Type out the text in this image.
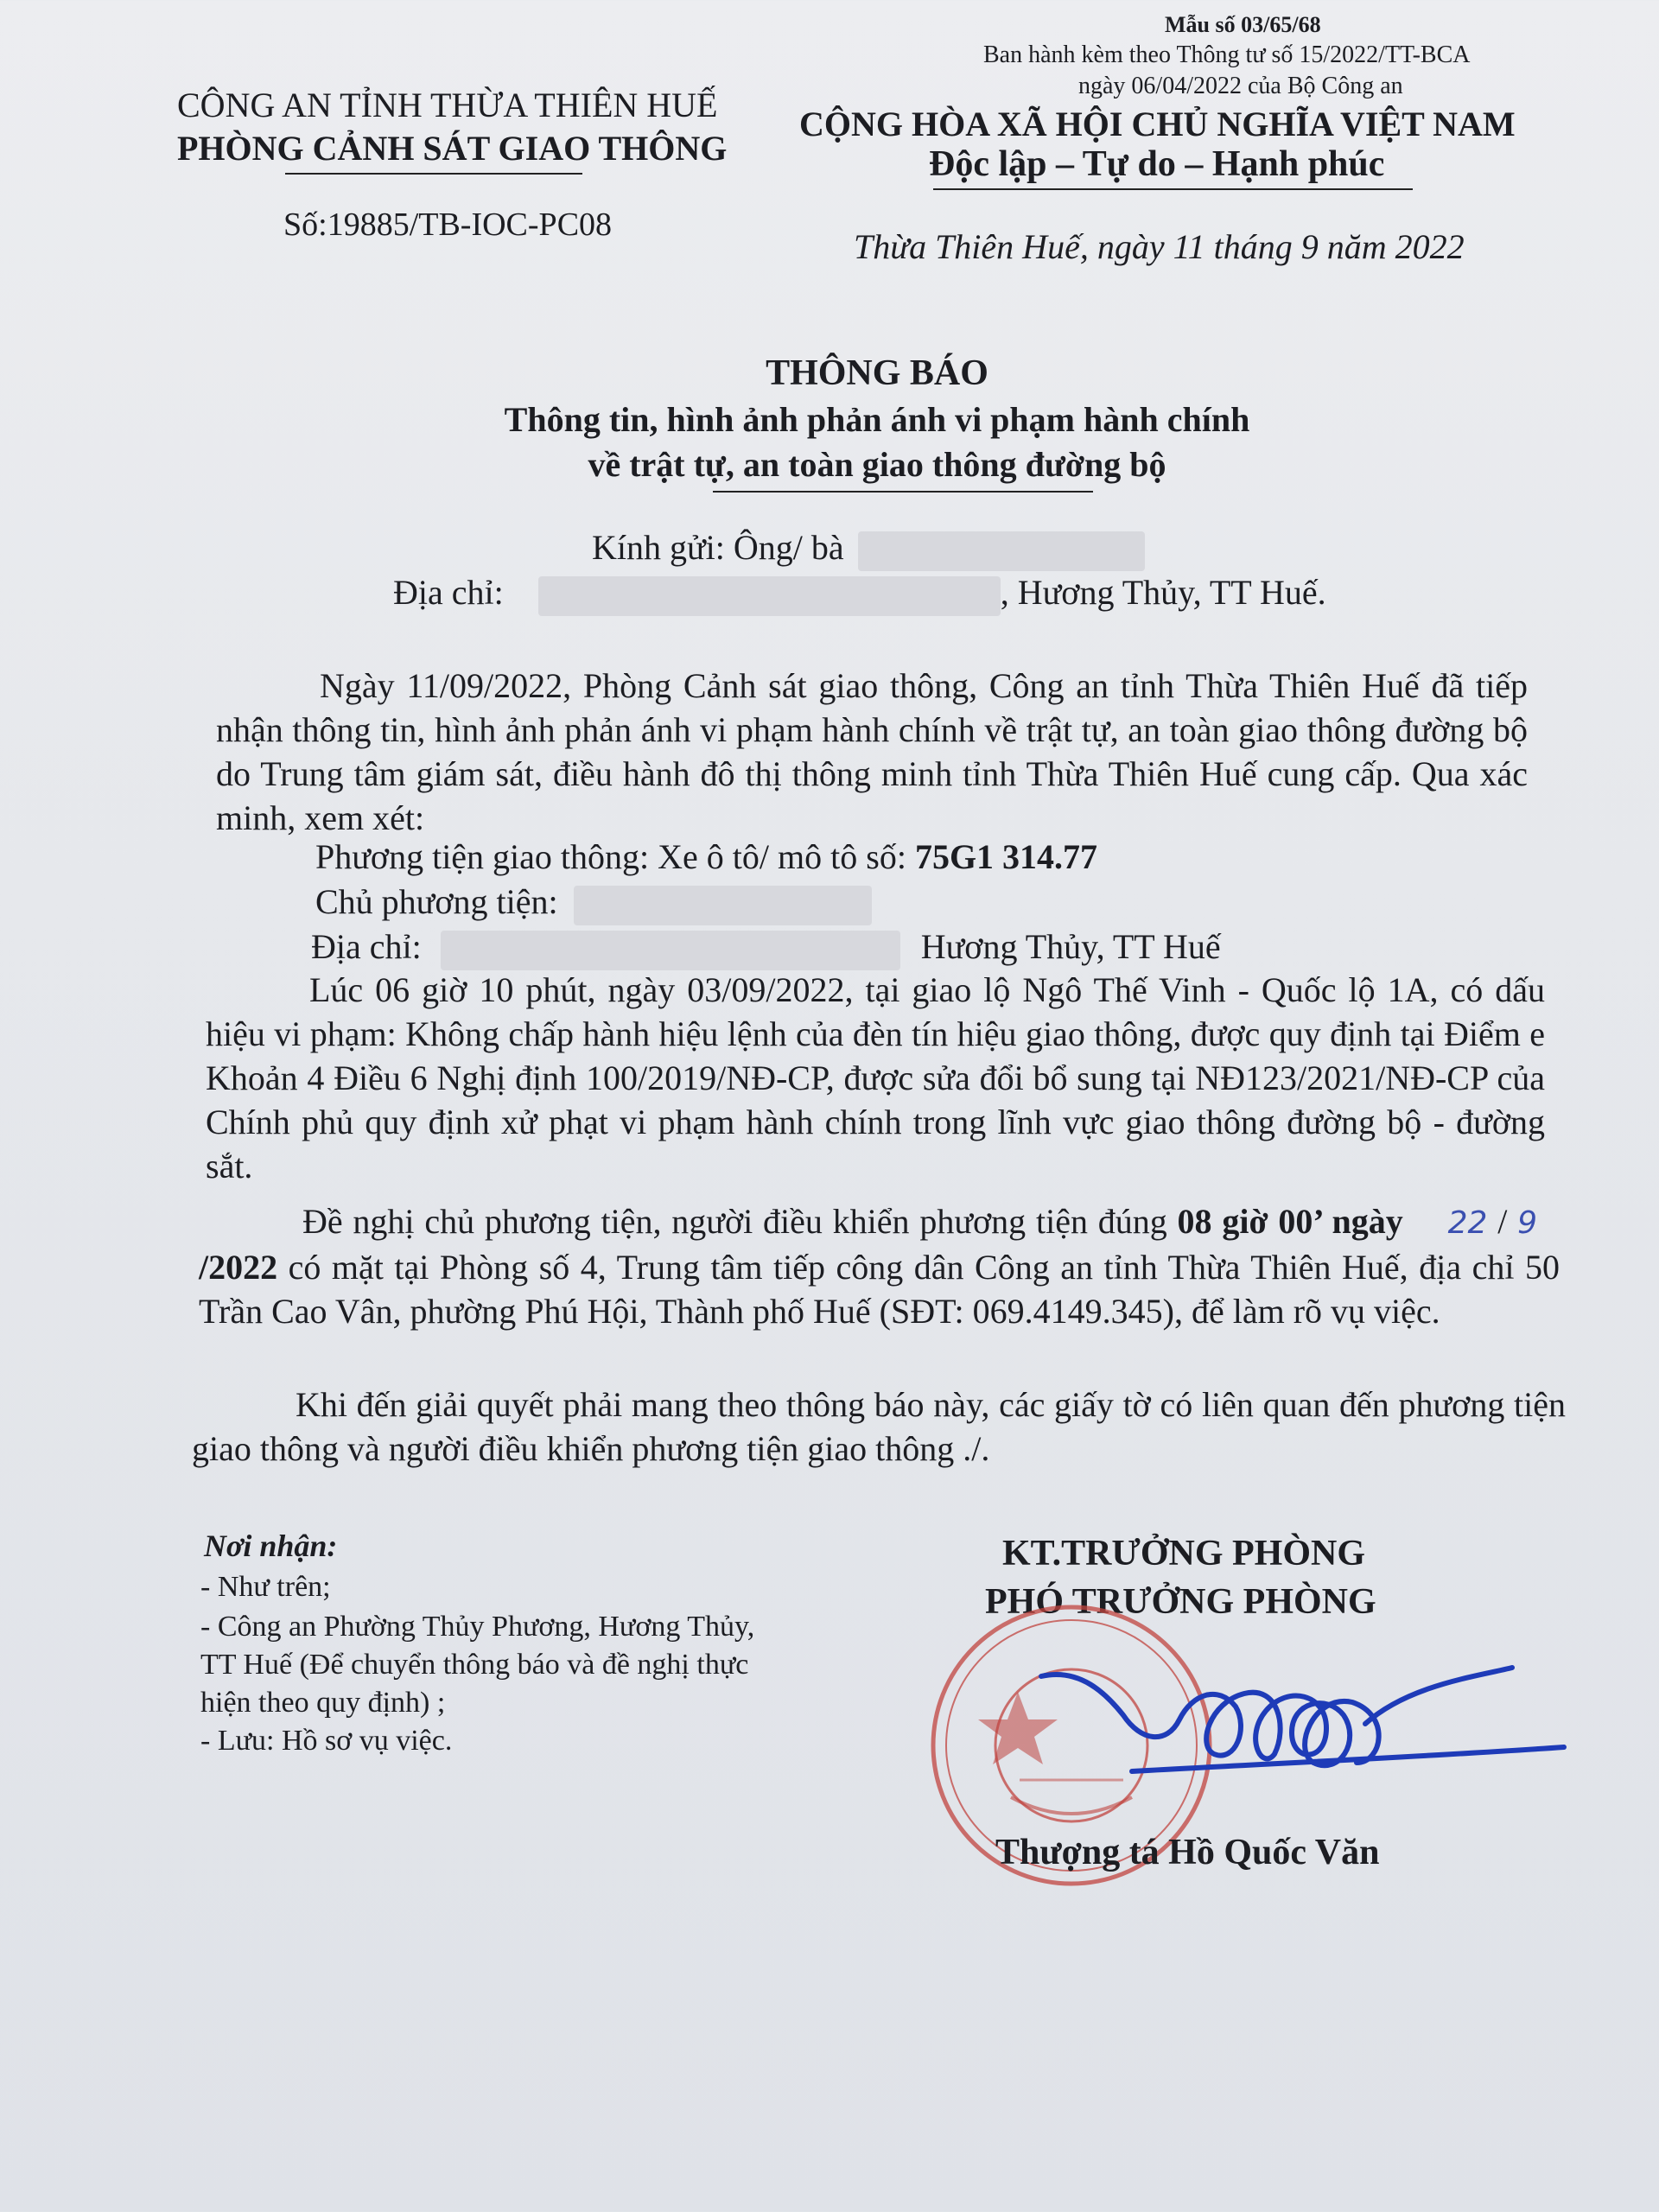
Mẫu số 03/65/68
Ban hành kèm theo Thông tư số 15/2022/TT-BCA
ngày 06/04/2022 của Bộ Công an
CÔNG AN TỈNH THỪA THIÊN HUẾ
PHÒNG CẢNH SÁT GIAO THÔNG
Số:19885/TB-IOC-PC08
CỘNG HÒA XÃ HỘI CHỦ NGHĨA VIỆT NAM
Độc lập – Tự do – Hạnh phúc
Thừa Thiên Huế, ngày 11 tháng 9 năm 2022
THÔNG BÁO
Thông tin, hình ảnh phản ánh vi phạm hành chính
về trật tự, an toàn giao thông đường bộ
Kính gửi: Ông/ bà
Địa chỉ:	, Hương Thủy, TT Huế.
Ngày 11/09/2022, Phòng Cảnh sát giao thông, Công an tỉnh Thừa Thiên Huế đã tiếp nhận thông tin, hình ảnh phản ánh vi phạm hành chính về trật tự, an toàn giao thông đường bộ do Trung tâm giám sát, điều hành đô thị thông minh tỉnh Thừa Thiên Huế cung cấp. Qua xác minh, xem xét:
Phương tiện giao thông: Xe ô tô/ mô tô số: 75G1 314.77
Chủ phương tiện:
Địa chỉ:	Hương Thủy, TT Huế
Lúc 06 giờ 10 phút, ngày 03/09/2022, tại giao lộ Ngô Thế Vinh - Quốc lộ 1A, có dấu hiệu vi phạm: Không chấp hành hiệu lệnh của đèn tín hiệu giao thông, được quy định tại Điểm e Khoản 4 Điều 6 Nghị định 100/2019/NĐ-CP, được sửa đổi bổ sung tại NĐ123/2021/NĐ-CP của Chính phủ quy định xử phạt vi phạm hành chính trong lĩnh vực giao thông đường bộ - đường sắt.
Đề nghị chủ phương tiện, người điều khiển phương tiện đúng 08 giờ 00’ ngày 22 / 9/2022 có mặt tại Phòng số 4, Trung tâm tiếp công dân Công an tỉnh Thừa Thiên Huế, địa chỉ 50 Trần Cao Vân, phường Phú Hội, Thành phố Huế (SĐT: 069.4149.345), để làm rõ vụ việc.
Khi đến giải quyết phải mang theo thông báo này, các giấy tờ có liên quan đến phương tiện giao thông và người điều khiển phương tiện giao thông ./.
Nơi nhận:
- Như trên;
- Công an Phường Thủy Phương, Hương Thủy,
TT Huế (Để chuyển thông báo và đề nghị thực
hiện theo quy định) ;
- Lưu: Hồ sơ vụ việc.
KT.TRƯỞNG PHÒNG
PHÓ TRƯỞNG PHÒNG
Thượng tá Hồ Quốc Văn
